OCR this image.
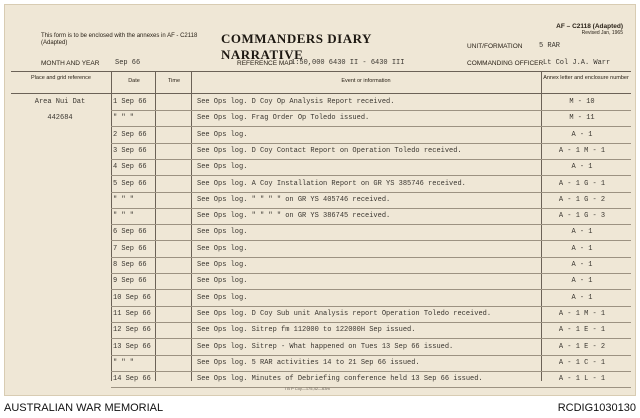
This form is to be enclosed with the annexes in AF - C2118 (Adapted)	COMMANDERS DIARY NARRATIVE
AF – C2118 (Adapted)
Revised Jan, 1965
UNIT/FORMATION 5 RAR
MONTH AND YEAR Sep 66	REFERENCE MAP
1:50,000 6430 II - 6430 III	COMMANDING OFFICER Lt Col J.A. Warr
Place and grid reference	Date	Time	Event or information	Annex letter and enclosure number
Area Nui Dat	1 Sep 66	See Ops log. D Coy Op Analysis Report received.	M - 10
442684	" " "	See Ops log. Frag Order Op Toledo issued.	M - 11
2 Sep 66	See Ops log.	A - 1
3 Sep 66	See Ops log. D Coy Contact Report on Operation Toledo received.	A - 1 M - 1
4 Sep 66	See Ops log.	A - 1
5 Sep 66	See Ops log. A Coy Installation Report on GR YS 385746 received.	A - 1 G - 1
" " "	See Ops log. " " " " on GR YS 405746 received.	A - 1 G - 2
" " "	See Ops log. " " " " on GR YS 386745 received.	A - 1 G - 3
6 Sep 66	See Ops log.	A - 1
7 Sep 66	See Ops log.	A - 1
8 Sep 66	See Ops log.	A - 1
9 Sep 66	See Ops log.	A - 1
10 Sep 66	See Ops log.	A - 1
11 Sep 66	See Ops log. D Coy Sub unit Analysis report Operation Toledo received.	A - 1 M - 1
12 Sep 66	See Ops log. Sitrep fm 112000 to 122000H Sep issued.	A - 1 E - 1
13 Sep 66	See Ops log. Sitrep - What happened on Tues 13 Sep 66 issued.	A - 1 E - 2
" " "	See Ops log. 5 RAR activities 14 to 21 Sep 66 issued.	A - 1 C - 1
14 Sep 66	See Ops log. Minutes of Debriefing conference held 13 Sep 66 issued.	A - 1 L - 1
I B P Coy—175,42—63m
AUSTRALIAN WAR MEMORIAL	RCDIG1030130
